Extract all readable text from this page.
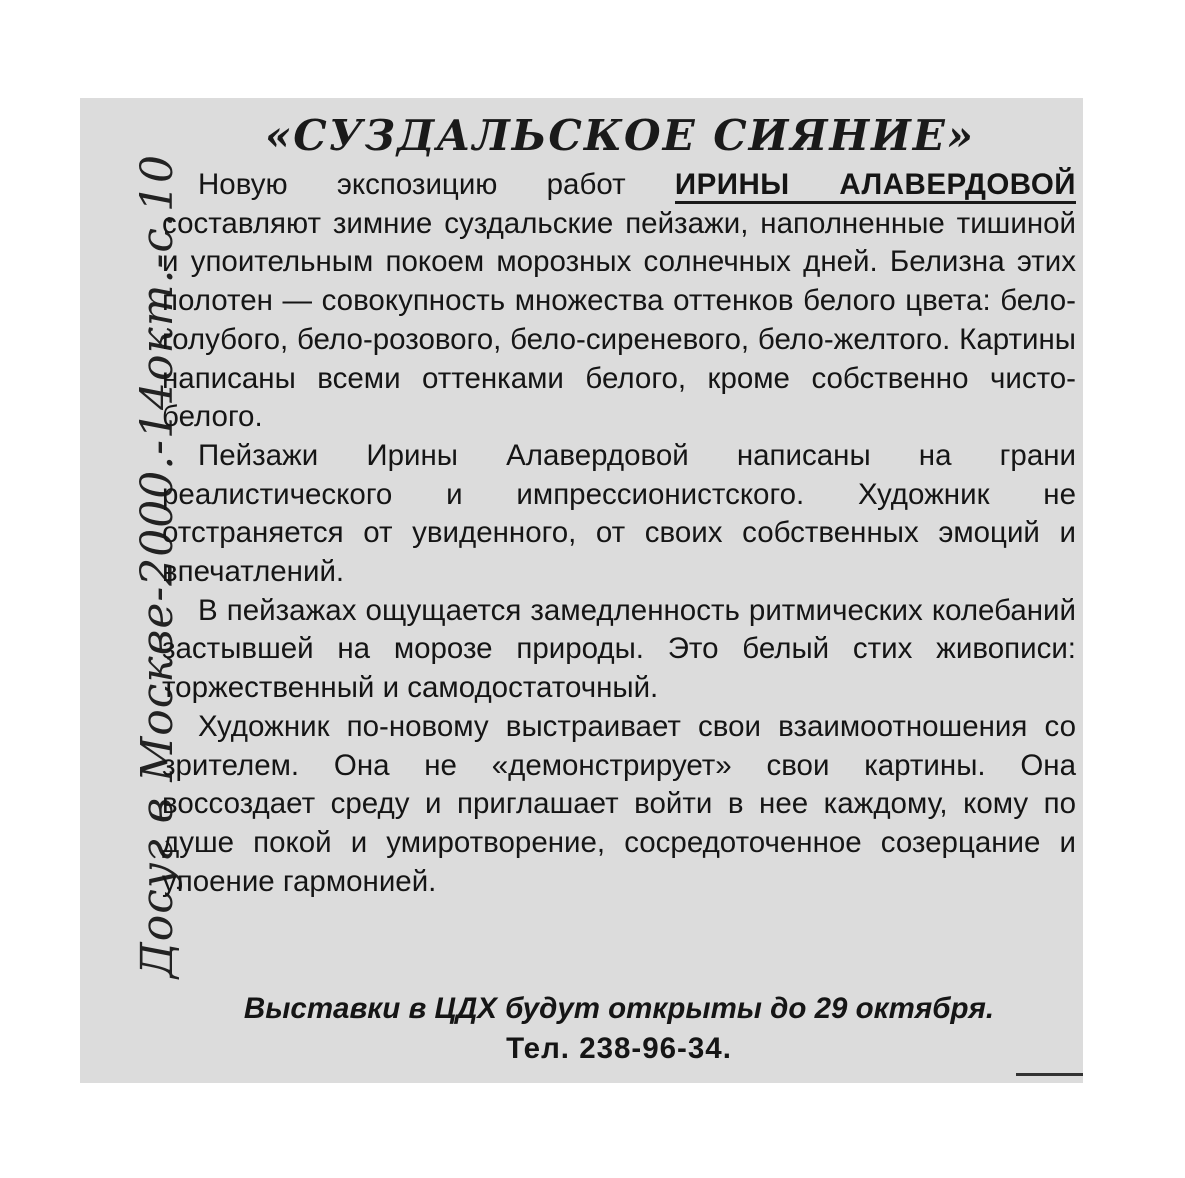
«СУЗДАЛЬСКОЕ СИЯНИЕ»
Досуг в Москве-2000.-14окт.-с.10 Новую экспозицию работ ИРИНЫ АЛАВЕРДОВОЙ составляют зимние суздальские пейзажи, наполненные тишиной и упоительным покоем морозных солнечных дней. Белизна этих полотен — совокупность множества оттенков белого цвета: бело-голубого, бело-розового, бело-сиреневого, бело-желтого. Картины написаны всеми оттенками белого, кроме собственно чисто-белого.

Пейзажи Ирины Алавердовой написаны на грани реалистического и импрессионистского. Художник не отстраняется от увиденного, от своих собственных эмоций и впечатлений.

В пейзажах ощущается замедленность ритмических колебаний застывшей на морозе природы. Это белый стих живописи: торжественный и самодостаточный.

Художник по-новому выстраивает свои взаимоотношения со зрителем. Она не «демонстрирует» свои картины. Она воссоздает среду и приглашает войти в нее каждому, кому по душе покой и умиротворение, сосредоточенное созерцание и упоение гармонией.

Выставки в ЦДХ будут открыты до 29 октября.
Тел. 238-96-34.
